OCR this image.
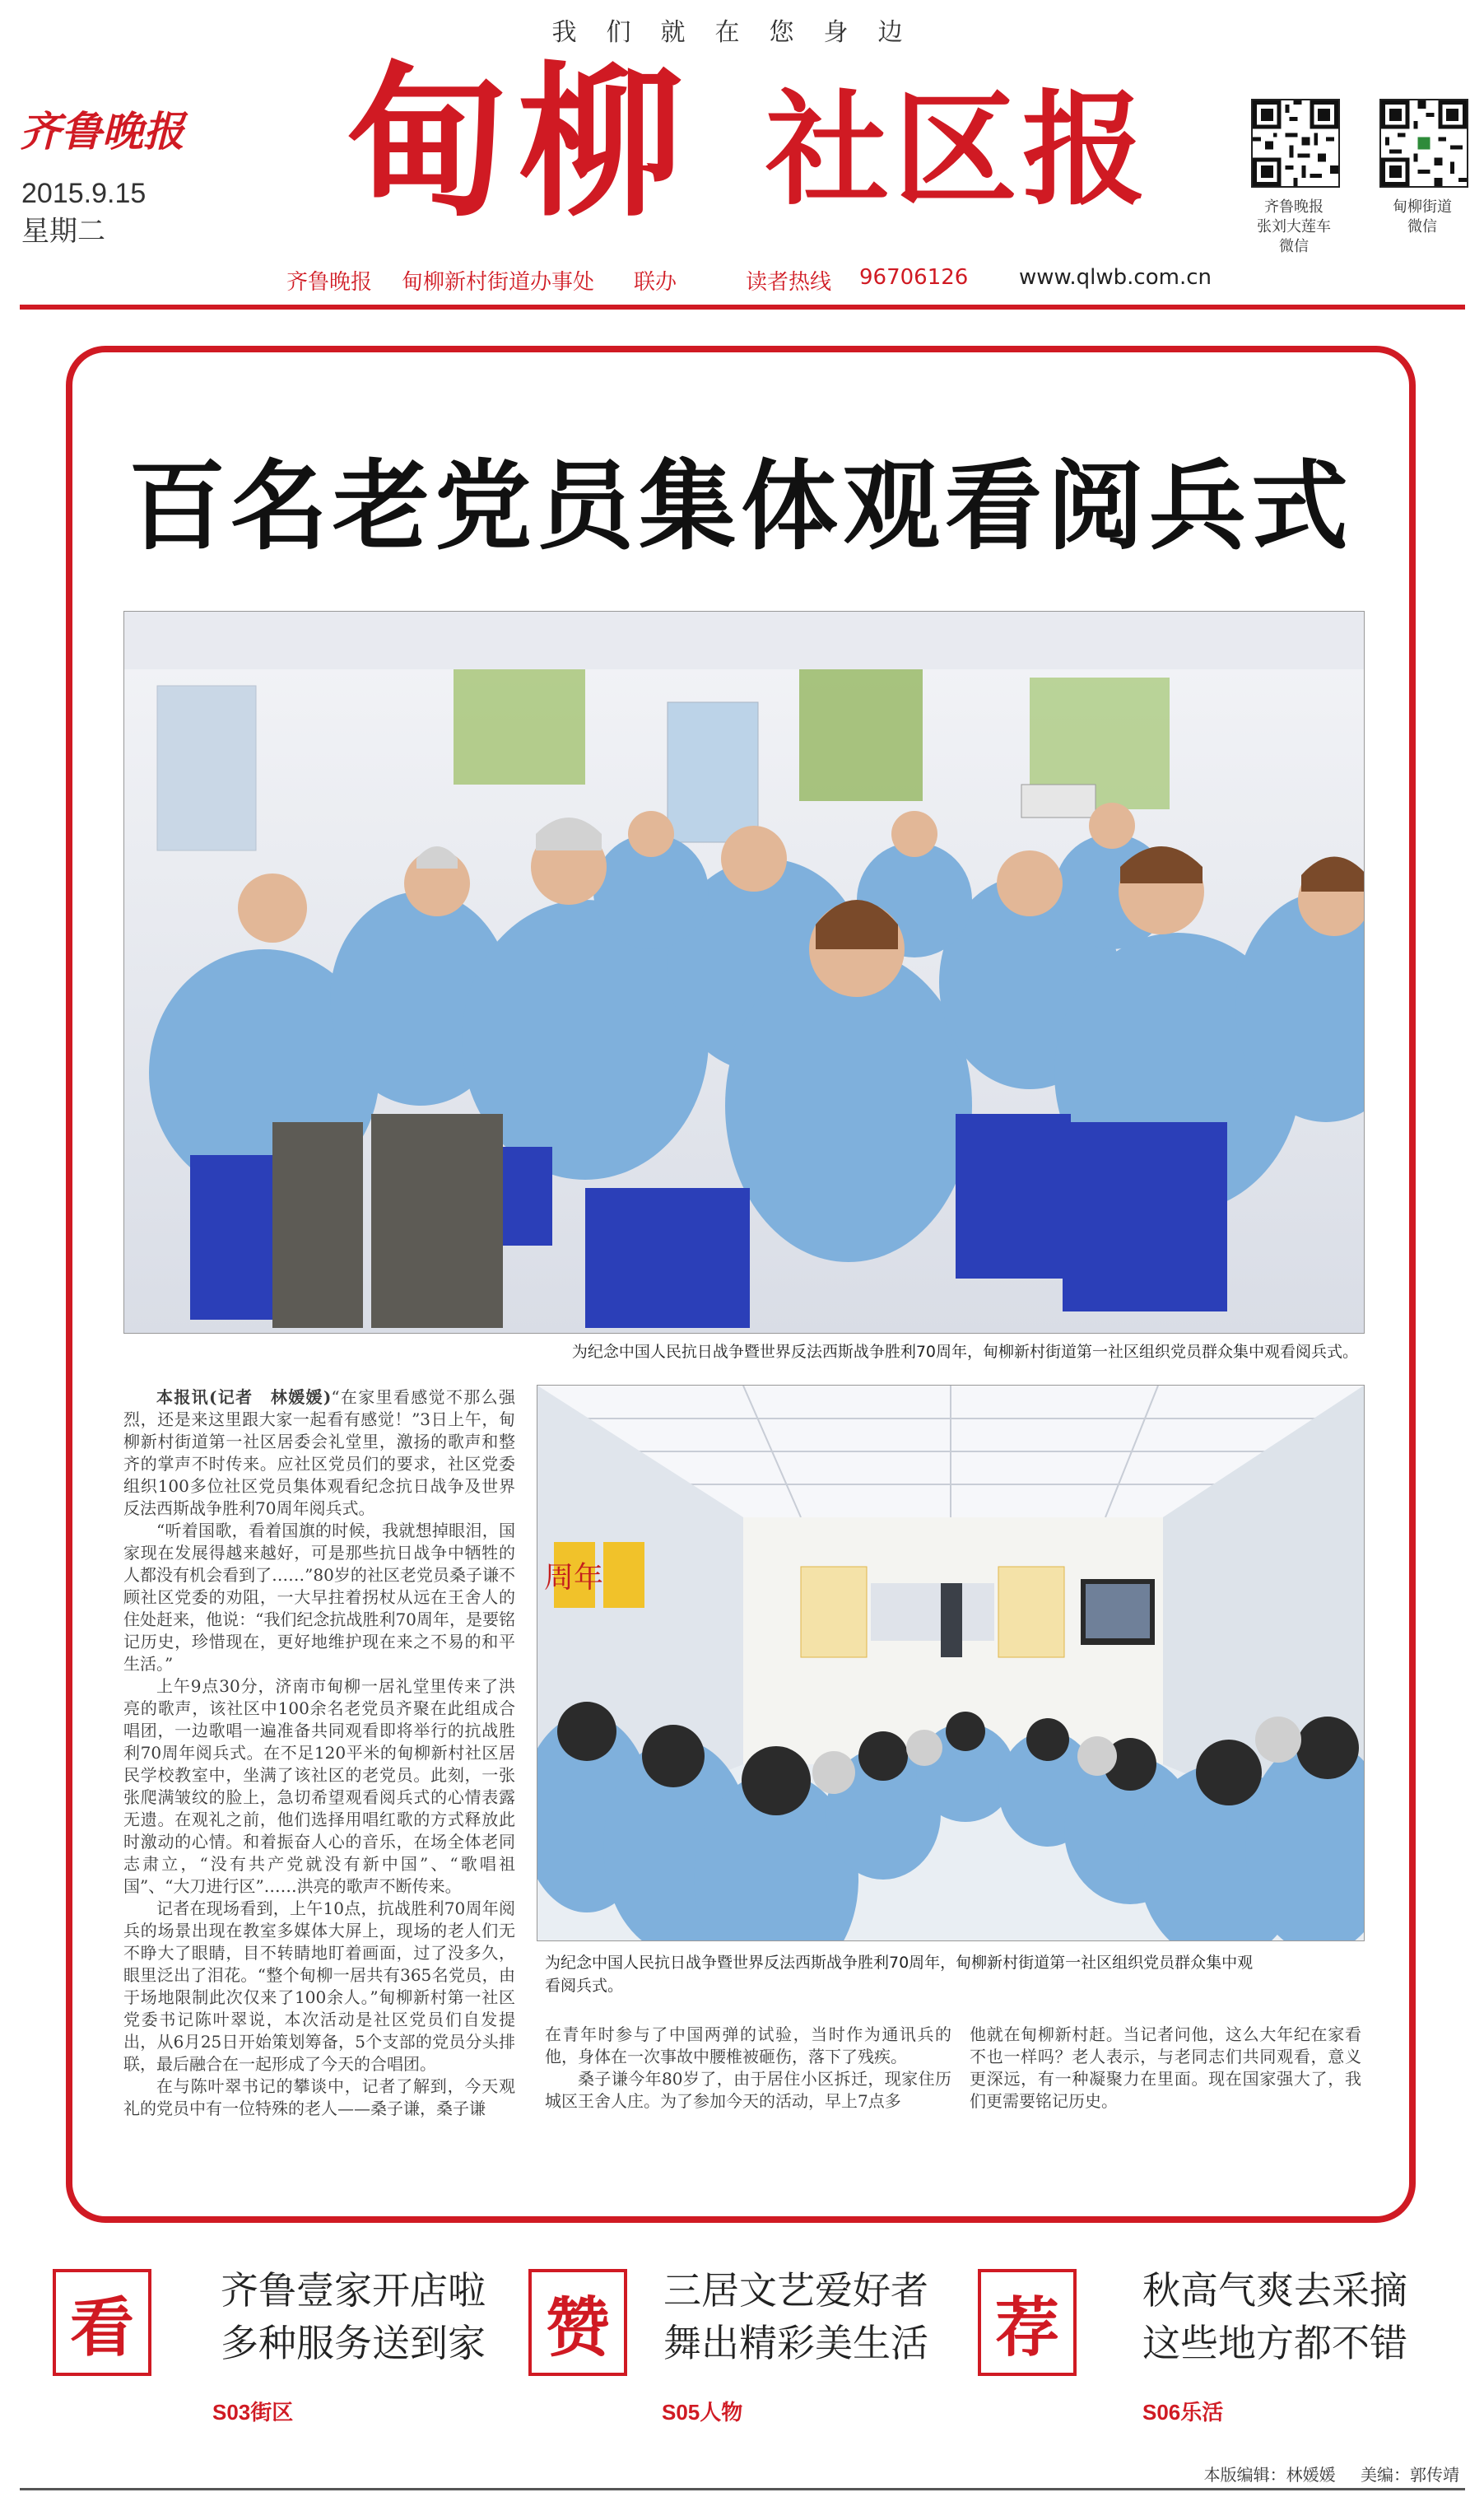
我们就在您身边
齐鲁晚报
2015.9.15
星期二 甸柳 社区报	齐鲁晚报
张刘大莲车
微信
甸柳街道
微信
齐鲁晚报 甸柳新村街道办事处 联办	读者热线 96706126 www.qlwb.com.cn
百名老党员集体观看阅兵式
为纪念中国人民抗日战争暨世界反法西斯战争胜利70周年，甸柳新村街道第一社区组织党员群众集中观看阅兵式。
周年
为纪念中国人民抗日战争暨世界反法西斯战争胜利70周年，甸柳新村街道第一社区组织党员群众集中观
看阅兵式。

本报讯(记者　林媛媛)“在家里看感觉不那么强烈，还是来这里跟大家一起看有感觉！”3日上午，甸柳新村街道第一社区居委会礼堂里，激扬的歌声和整齐的掌声不时传来。应社区党员们的要求，社区党委组织100多位社区党员集体观看纪念抗日战争及世界反法西斯战争胜利70周年阅兵式。

“听着国歌，看着国旗的时候，我就想掉眼泪，国家现在发展得越来越好，可是那些抗日战争中牺牲的人都没有机会看到了……”80岁的社区老党员桑子谦不顾社区党委的劝阻，一大早拄着拐杖从远在王舍人的住处赶来，他说：“我们纪念抗战胜利70周年，是要铭记历史，珍惜现在，更好地维护现在来之不易的和平生活。”

上午9点30分，济南市甸柳一居礼堂里传来了洪亮的歌声，该社区中100余名老党员齐聚在此组成合唱团，一边歌唱一遍准备共同观看即将举行的抗战胜利70周年阅兵式。在不足120平米的甸柳新村社区居民学校教室中，坐满了该社区的老党员。此刻，一张张爬满皱纹的脸上，急切希望观看阅兵式的心情表露无遗。在观礼之前，他们选择用唱红歌的方式释放此时激动的心情。和着振奋人心的音乐，在场全体老同志肃立，“没有共产党就没有新中国”、“歌唱祖国”、“大刀进行区”……洪亮的歌声不断传来。

记者在现场看到，上午10点，抗战胜利70周年阅兵的场景出现在教室多媒体大屏上，现场的老人们无不睁大了眼睛，目不转睛地盯着画面，过了没多久，眼里泛出了泪花。“整个甸柳一居共有365名党员，由于场地限制此次仅来了100余人。”甸柳新村第一社区党委书记陈叶翠说，本次活动是社区党员们自发提出，从6月25日开始策划筹备，5个支部的党员分头排联，最后融合在一起形成了今天的合唱团。

在与陈叶翠书记的攀谈中，记者了解到，今天观礼的党员中有一位特殊的老人——桑子谦，桑子谦

在青年时参与了中国两弹的试验，当时作为通讯兵的他，身体在一次事故中腰椎被砸伤，落下了残疾。

桑子谦今年80岁了，由于居住小区拆迁，现家住历城区王舍人庄。为了参加今天的活动，早上7点多

他就在甸柳新村赶。当记者问他，这么大年纪在家看不也一样吗？老人表示，与老同志们共同观看，意义更深远，有一种凝聚力在里面。现在国家强大了，我们更需要铭记历史。

看
齐鲁壹家开店啦
多种服务送到家
S03街区
赞
三居文艺爱好者
舞出精彩美生活
S05人物
荐
秋高气爽去采摘
这些地方都不错
S06乐活
本版编辑：林媛媛 美编：郭传靖
